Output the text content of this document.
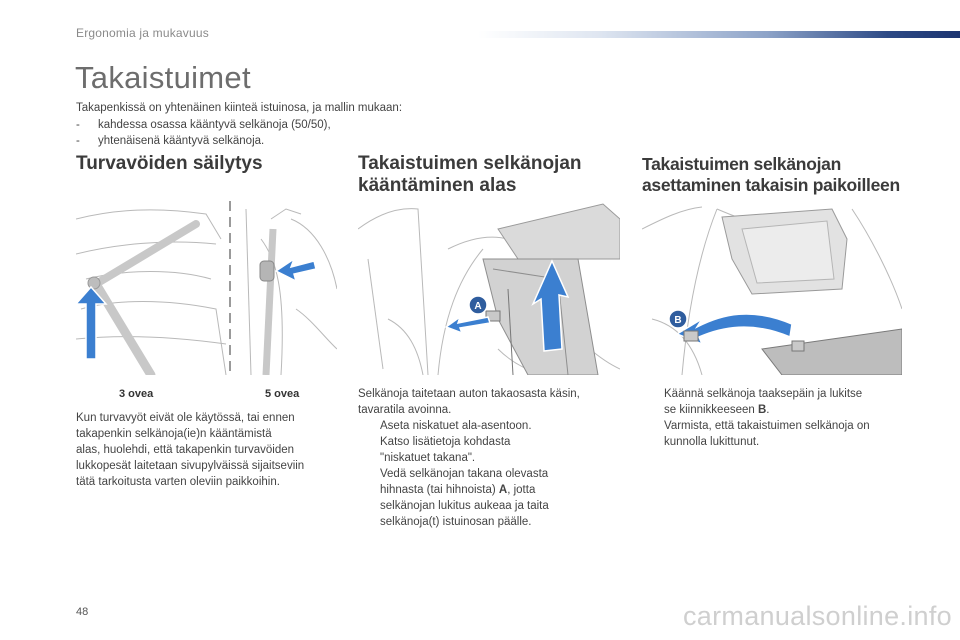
Ergonomia ja mukavuus
Takaistuimet
Takapenkissä on yhtenäinen kiinteä istuinosa, ja mallin mukaan:
- kahdessa osassa kääntyvä selkänoja (50/50),
- yhtenäisenä kääntyvä selkänoja.
Turvavöiden säilytys
3 ovea	5 ovea
Kun turvavyöt eivät ole käytössä, tai ennen
takapenkin selkänoja(ie)n kääntämistä
alas, huolehdi, että takapenkin turvavöiden
lukkopesät laitetaan sivupylväissä sijaitseviin
tätä tarkoitusta varten oleviin paikkoihin.
Takaistuimen selkänojan
kääntäminen alas
A
Selkänoja taitetaan auton takaosasta käsin,
tavaratila avoinna.
Aseta niskatuet ala-asentoon.
Katso lisätietoja kohdasta
"niskatuet takana".
Vedä selkänojan takana olevasta
hihnasta (tai hihnoista) A, jotta
selkänojan lukitus aukeaa ja taita
selkänoja(t) istuinosan päälle.
Takaistuimen selkänojan
asettaminen takaisin paikoilleen
B
Käännä selkänoja taaksepäin ja lukitse
se kiinnikkeeseen B.
Varmista, että takaistuimen selkänoja on
kunnolla lukittunut.
48	carmanualsonline.info
